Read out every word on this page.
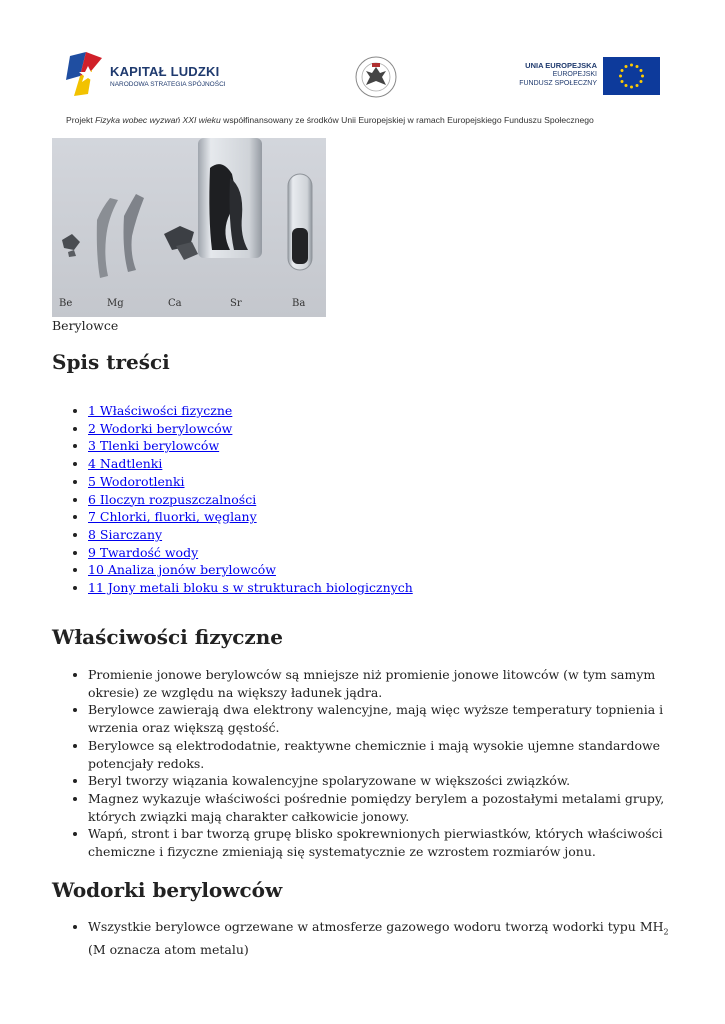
KAPITAŁ LUDZKI
NARODOWA STRATEGIA SPÓJNOŚCI
UNIA EUROPEJSKA
EUROPEJSKI
FUNDUSZ SPOŁECZNY
Projekt Fizyka wobec wyzwań XXI wieku współfinansowany ze środków Unii Europejskiej w ramach Europejskiego Funduszu Społecznego
Be	Mg	Ca	Sr	Ba
Berylowce
Spis treści
• 1 Właściwości fizyczne
• 2 Wodorki berylowców
• 3 Tlenki berylowców
• 4 Nadtlenki
• 5 Wodorotlenki
• 6 Iloczyn rozpuszczalności
• 7 Chlorki, fluorki, węglany
• 8 Siarczany
• 9 Twardość wody
• 10 Analiza jonów berylowców
• 11 Jony metali bloku s w strukturach biologicznych
Właściwości fizyczne
• Promienie jonowe berylowców są mniejsze niż promienie jonowe litowców (w tym samym okresie) ze względu na większy ładunek jądra.
• Berylowce zawierają dwa elektrony walencyjne, mają więc wyższe temperatury topnienia i wrzenia oraz większą gęstość.
• Berylowce są elektrododatnie, reaktywne chemicznie i mają wysokie ujemne standardowe potencjały redoks.
• Beryl tworzy wiązania kowalencyjne spolaryzowane w większości związków.
• Magnez wykazuje właściwości pośrednie pomiędzy berylem a pozostałymi metalami grupy, których związki mają charakter całkowicie jonowy.
• Wapń, stront i bar tworzą grupę blisko spokrewnionych pierwiastków, których właściwości chemiczne i fizyczne zmieniają się systematycznie ze wzrostem rozmiarów jonu.
Wodorki berylowców
• Wszystkie berylowce ogrzewane w atmosferze gazowego wodoru tworzą wodorki typu $MH_2$ (M oznacza atom metalu)
